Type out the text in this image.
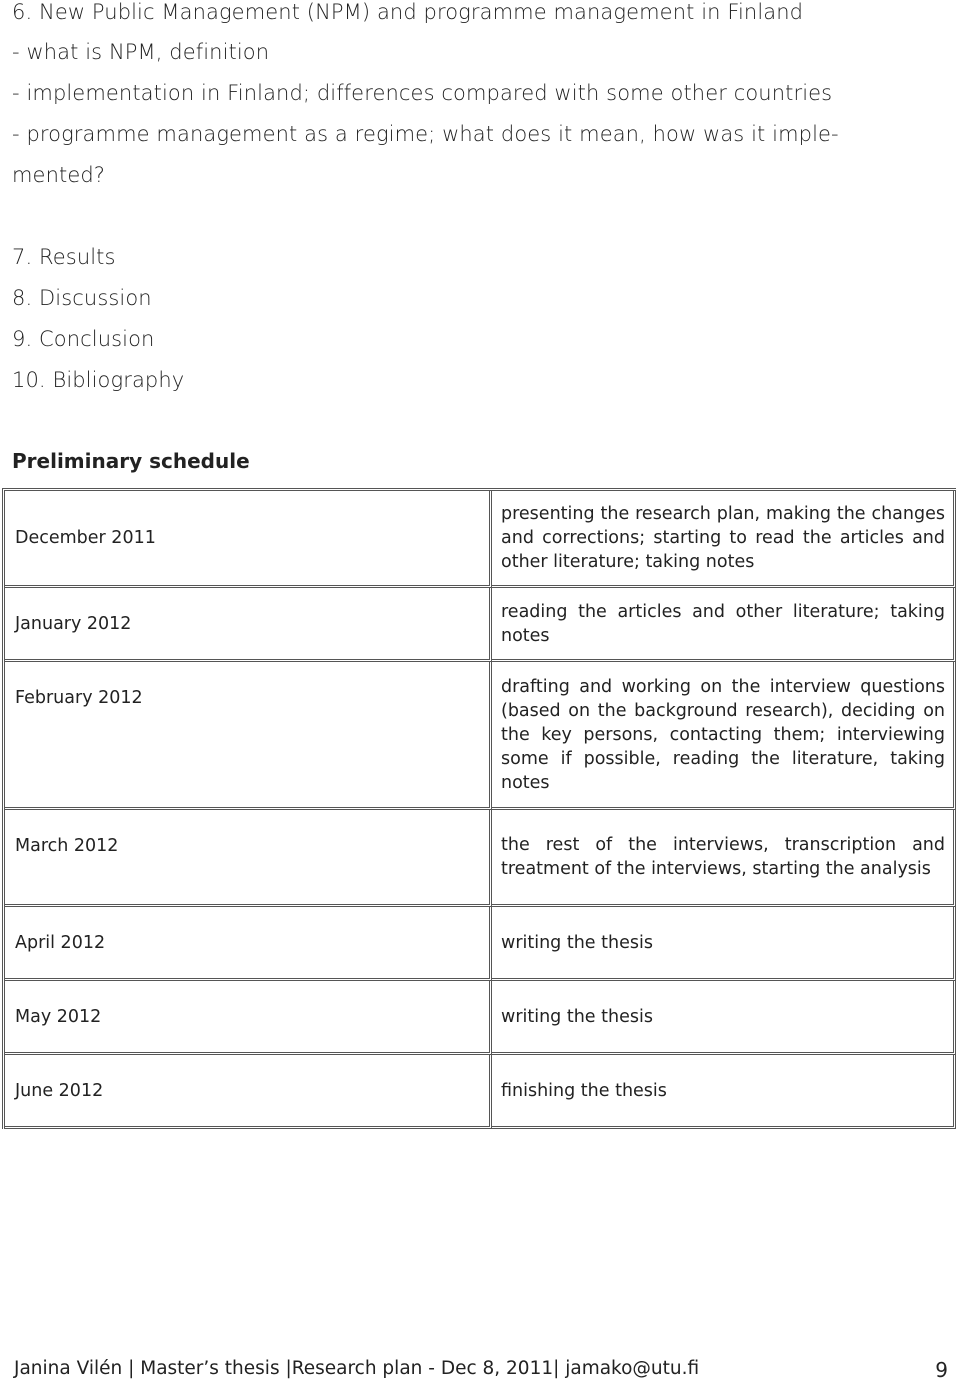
6. New Public Management (NPM) and programme management in Finland
- what is NPM, definition
- implementation in Finland; differences compared with some other countries
- programme management as a regime; what does it mean, how was it imple-
mented?
7. Results
8. Discussion
9. Conclusion
10. Bibliography
Preliminary schedule
December 2011	presenting the research plan, making the changes and corrections; starting to read the articles and other literature; taking notes
January 2012	reading the articles and other literature; taking notes
February 2012	drafting and working on the interview questions (based on the background research), deciding on the key persons, contacting them; interviewing some if possible, reading the literature, taking notes
March 2012	the rest of the interviews, transcription and treatment of the interviews, starting the analysis
April 2012	writing the thesis
May 2012	writing the thesis
June 2012	finishing the thesis
Janina Vilén | Master’s thesis |Research plan - Dec 8, 2011| jamako@utu.fi	9
